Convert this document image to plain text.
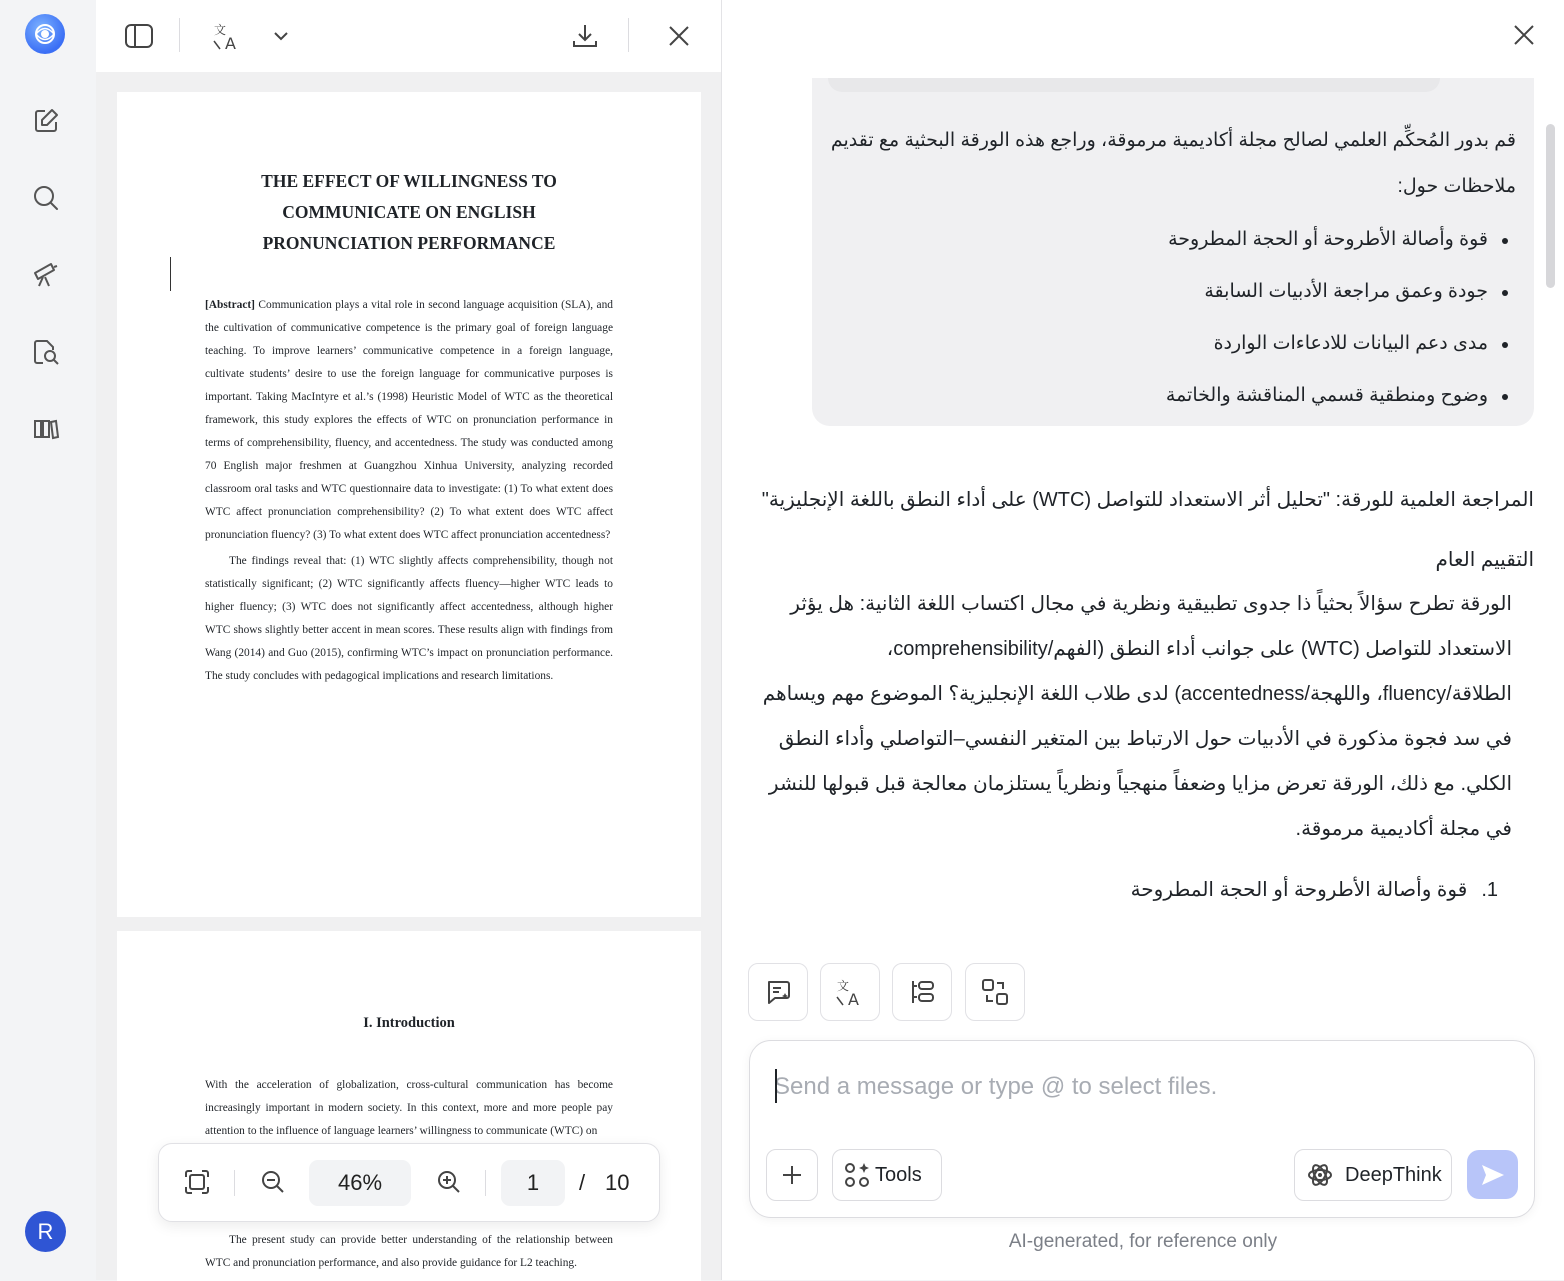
R
文
A
THE EFFECT OF WILLINGNESS TO
COMMUNICATE ON ENGLISH
PRONUNCIATION PERFORMANCE

[Abstract] Communication plays a vital role in second language acquisition (SLA), and the cultivation of communicative competence is the primary goal of foreign language teaching. To improve learners’ communicative competence in a foreign language, cultivate students’ desire to use the foreign language for communicative purposes is important. Taking MacIntyre et al.’s (1998) Heuristic Model of WTC as the theoretical framework, this study explores the effects of WTC on pronunciation performance in terms of comprehensibility, fluency, and accentedness. The study was conducted among 70 English major freshmen at Guangzhou Xinhua University, analyzing recorded classroom oral tasks and WTC questionnaire data to investigate: (1) To what extent does WTC affect pronunciation comprehensibility? (2) To what extent does WTC affect pronunciation fluency? (3) To what extent does WTC affect pronunciation accentedness?

The findings reveal that: (1) WTC slightly affects comprehensibility, though not statistically significant; (2) WTC significantly affects fluency—higher WTC leads to higher fluency; (3) WTC does not significantly affect accentedness, although higher WTC shows slightly better accent in mean scores. These results align with findings from Wang (2014) and Guo (2015), confirming WTC’s impact on pronunciation performance. The study concludes with pedagogical implications and research limitations.

I. Introduction
With the acceleration of globalization, cross-cultural communication has become increasingly important in modern society. In this context, more and more people pay attention to the influence of language learners’ willingness to communicate (WTC) on
The present study can provide better understanding of the relationship between WTC and pronunciation performance, and also provide guidance for L2 teaching.
46%	1	/ 10
قم بدور المُحكِّم العلمي لصالح مجلة أكاديمية مرموقة، وراجع هذه الورقة البحثية مع تقديم ملاحظات حول:
قوة وأصالة الأطروحة أو الحجة المطروحة
جودة وعمق مراجعة الأدبيات السابقة
مدى دعم البيانات للادعاءات الواردة
وضوح ومنطقية قسمي المناقشة والخاتمة
المراجعة العلمية للورقة: "تحليل أثر الاستعداد للتواصل (WTC) على أداء النطق باللغة الإنجليزية"
التقييم العام
الورقة تطرح سؤالاً بحثياً ذا جدوى تطبيقية ونظرية في مجال اكتساب اللغة الثانية: هل يؤثر الاستعداد للتواصل (WTC) على جوانب أداء النطق (الفهم/comprehensibility، الطلاقة/fluency، واللهجة/accentedness) لدى طلاب اللغة الإنجليزية؟ الموضوع مهم ويساهم في سد فجوة مذكورة في الأدبيات حول الارتباط بين المتغير النفسي–التواصلي وأداء النطق الكلي. مع ذلك، الورقة تعرض مزايا وضعفاً منهجياً ونظرياً يستلزمان معالجة قبل قبولها للنشر في مجلة أكاديمية مرموقة.
1.قوة وأصالة الأطروحة أو الحجة المطروحة
文
A
Send a message or type @ to select files.
Tools	DeepThink
AI-generated, for reference only
